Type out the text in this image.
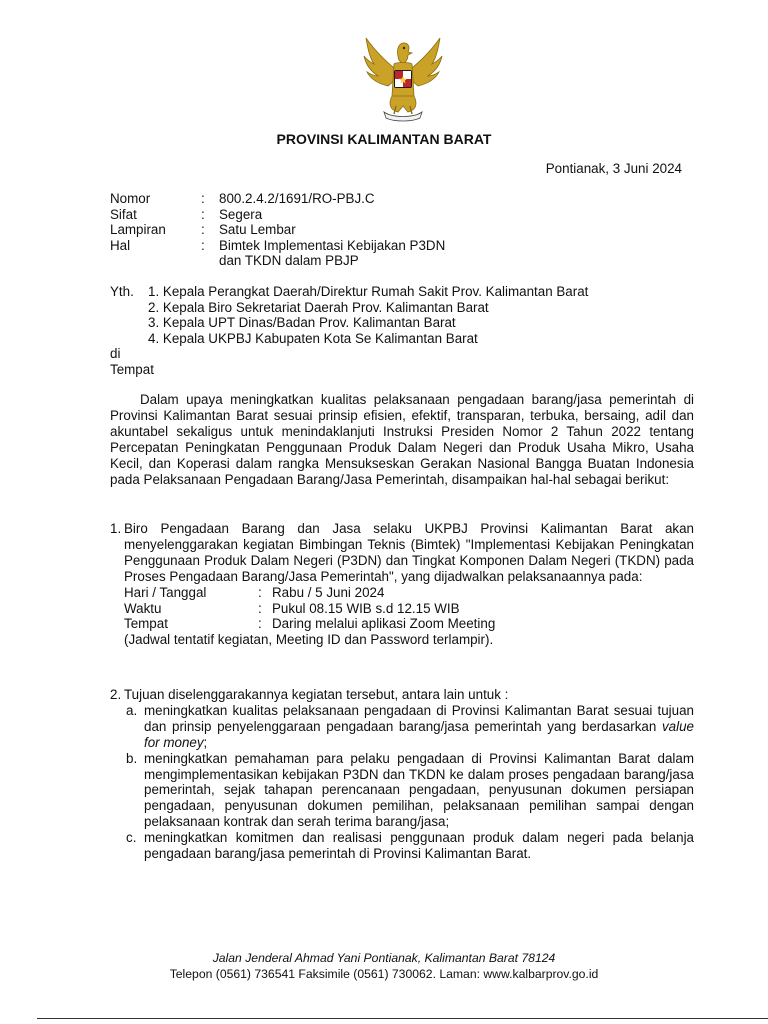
PROVINSI KALIMANTAN BARAT
Pontianak, 3 Juni 2024
Nomor	:	800.2.4.2/1691/RO-PBJ.C
Sifat	:	Segera
Lampiran	:	Satu Lembar
Hal	:	Bimtek Implementasi Kebijakan P3DN dan TKDN dalam PBJP
Yth.	1. Kepala Perangkat Daerah/Direktur Rumah Sakit Prov. Kalimantan Barat
2. Kepala Biro Sekretariat Daerah Prov. Kalimantan Barat
3. Kepala UPT Dinas/Badan Prov. Kalimantan Barat
4. Kepala UKPBJ Kabupaten Kota Se Kalimantan Barat
di
Tempat
Dalam upaya meningkatkan kualitas pelaksanaan pengadaan barang/jasa pemerintah di Provinsi Kalimantan Barat sesuai prinsip efisien, efektif, transparan, terbuka, bersaing, adil dan akuntabel sekaligus untuk menindaklanjuti Instruksi Presiden Nomor 2 Tahun 2022 tentang Percepatan Peningkatan Penggunaan Produk Dalam Negeri dan Produk Usaha Mikro, Usaha Kecil, dan Koperasi dalam rangka Mensukseskan Gerakan Nasional Bangga Buatan Indonesia pada Pelaksanaan Pengadaan Barang/Jasa Pemerintah, disampaikan hal-hal sebagai berikut:
1. Biro Pengadaan Barang dan Jasa selaku UKPBJ Provinsi Kalimantan Barat akan menyelenggarakan kegiatan Bimbingan Teknis (Bimtek) "Implementasi Kebijakan Peningkatan Penggunaan Produk Dalam Negeri (P3DN) dan Tingkat Komponen Dalam Negeri (TKDN) pada Proses Pengadaan Barang/Jasa Pemerintah", yang dijadwalkan pelaksanaannya pada:
Hari / Tanggal	: Rabu / 5 Juni 2024
Waktu	: Pukul 08.15 WIB s.d 12.15 WIB
Tempat	: Daring melalui aplikasi Zoom Meeting
(Jadwal tentatif kegiatan, Meeting ID dan Password terlampir).
2. Tujuan diselenggarakannya kegiatan tersebut, antara lain untuk :
a. meningkatkan kualitas pelaksanaan pengadaan di Provinsi Kalimantan Barat sesuai tujuan dan prinsip penyelenggaraan pengadaan barang/jasa pemerintah yang berdasarkan value for money;
b. meningkatkan pemahaman para pelaku pengadaan di Provinsi Kalimantan Barat dalam mengimplementasikan kebijakan P3DN dan TKDN ke dalam proses pengadaan barang/jasa pemerintah, sejak tahapan perencanaan pengadaan, penyusunan dokumen persiapan pengadaan, penyusunan dokumen pemilihan, pelaksanaan pemilihan sampai dengan pelaksanaan kontrak dan serah terima barang/jasa;
c. meningkatkan komitmen dan realisasi penggunaan produk dalam negeri pada belanja pengadaan barang/jasa pemerintah di Provinsi Kalimantan Barat.
Jalan Jenderal Ahmad Yani Pontianak, Kalimantan Barat 78124
Telepon (0561) 736541 Faksimile (0561) 730062. Laman: www.kalbarprov.go.id
